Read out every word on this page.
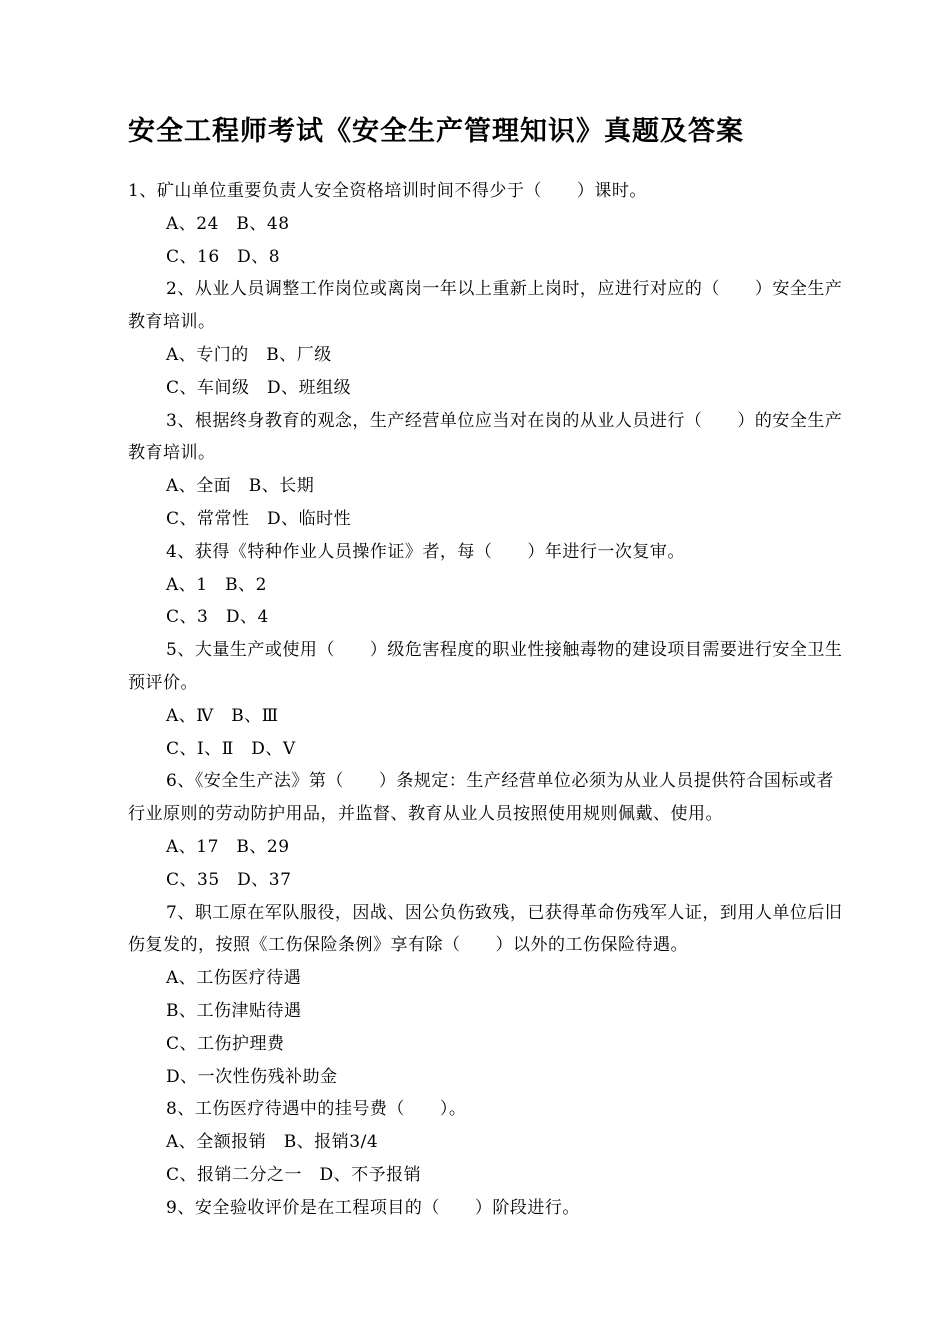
安全工程师考试《安全生产管理知识》真题及答案

1、矿山单位重要负责人安全资格培训时间不得少于（　　）课时。

A、24　B、48

C、16　D、8

2、从业人员调整工作岗位或离岗一年以上重新上岗时，应进行对应的（　　）安全生产教育培训。

A、专门的　B、厂级

C、车间级　D、班组级

3、根据终身教育的观念，生产经营单位应当对在岗的从业人员进行（　　）的安全生产教育培训。

A、全面　B、长期

C、常常性　D、临时性

4、获得《特种作业人员操作证》者，每（　　）年进行一次复审。

A、1　B、2

C、3　D、4

5、大量生产或使用（　　）级危害程度的职业性接触毒物的建设项目需要进行安全卫生预评价。

A、Ⅳ　B、Ⅲ

C、Ⅰ、Ⅱ　D、Ⅴ

6、《安全生产法》第（　　）条规定：生产经营单位必须为从业人员提供符合国标或者行业原则的劳动防护用品，并监督、教育从业人员按照使用规则佩戴、使用。

A、17　B、29

C、35　D、37

7、职工原在军队服役，因战、因公负伤致残，已获得革命伤残军人证，到用人单位后旧伤复发的，按照《工伤保险条例》享有除（　　）以外的工伤保险待遇。

A、工伤医疗待遇

B、工伤津贴待遇

C、工伤护理费

D、一次性伤残补助金

8、工伤医疗待遇中的挂号费（　　）。

A、全额报销　B、报销3/4

C、报销二分之一　D、不予报销

9、安全验收评价是在工程项目的（　　）阶段进行。
